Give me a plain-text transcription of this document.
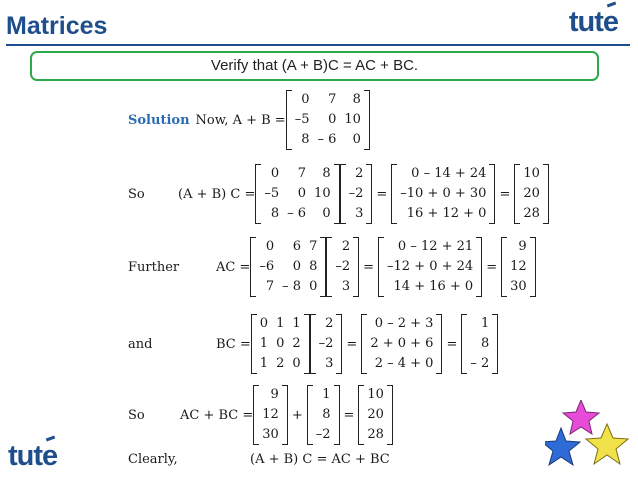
Matrices	tute
Verify that (A + B)C = AC + BC.
Solution Now, A + B =
0	7	8
–5	0	10
8	– 6	0
So	(A + B) C =
0	7	8
–5	0	10
8	– 6	0
2
–2
3
=
0 – 14 + 24
–10 + 0 + 30
16 + 12 + 0
=
10
20
28
Further	AC =
0	6	7
–6	0	8
7	– 8	0
2
–2
3
=
0 – 12 + 21
–12 + 0 + 24
14 + 16 + 0
=
9
12
30
and	BC =
0	1	1
1	0	2
1	2	0
2
–2
3
=
0 – 2 + 3
2 + 0 + 6
2 – 4 + 0
=
1
8
– 2
So	AC + BC =
9
12
30
+
1
8
–2
=
10
20
28
Clearly,	(A + B) C = AC + BC
tute
